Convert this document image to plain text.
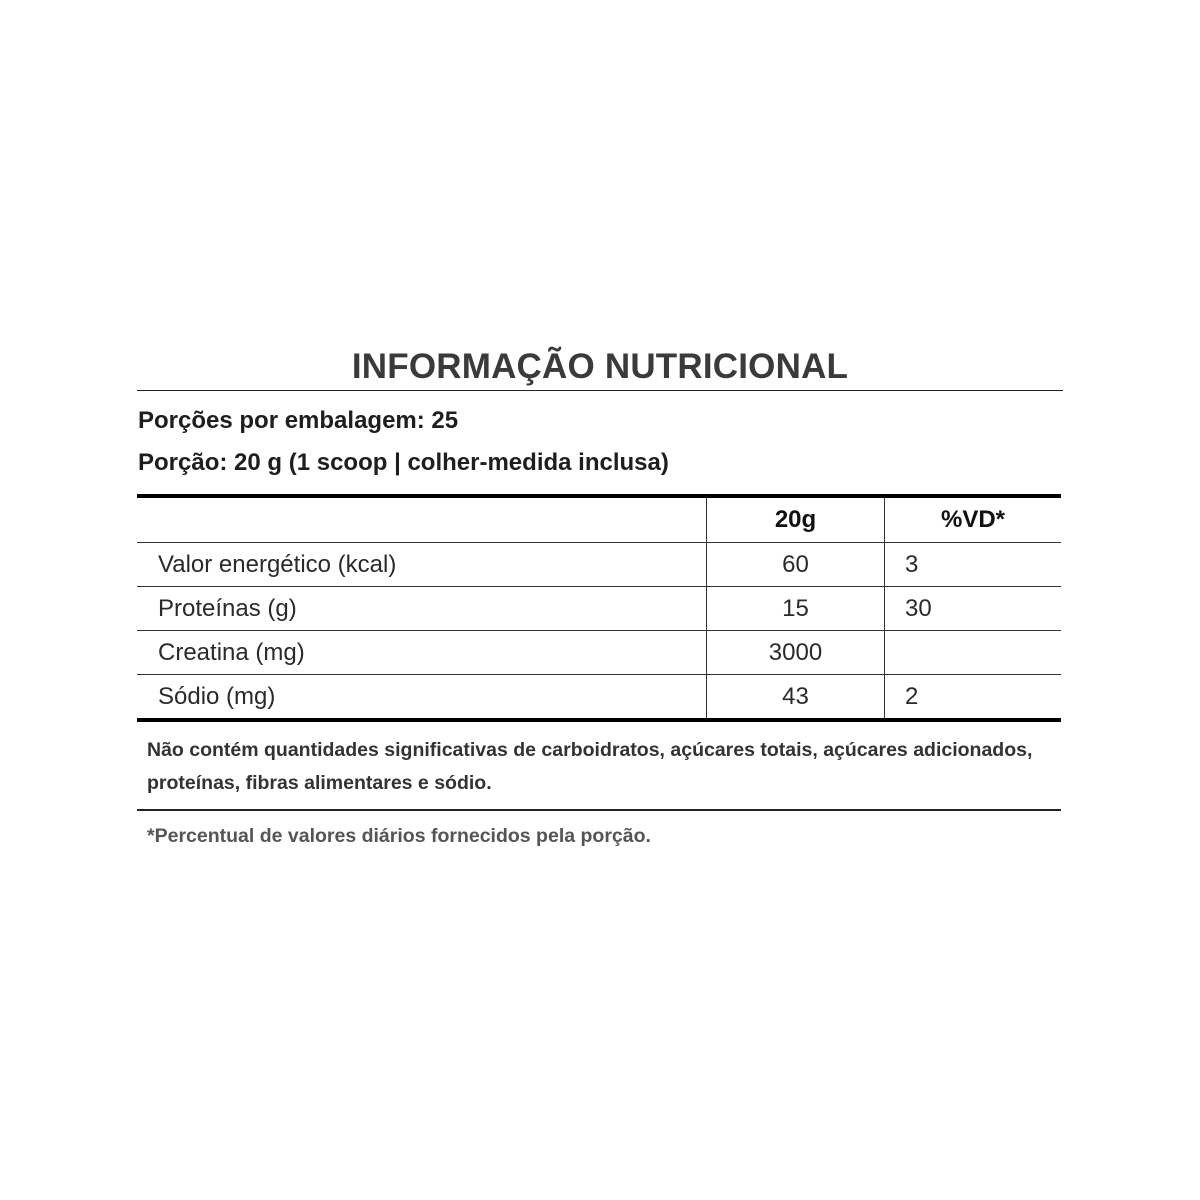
INFORMAÇÃO NUTRICIONAL
Porções por embalagem: 25
Porção: 20 g (1 scoop | colher-medida inclusa)
	20g	%VD*
Valor energético (kcal)	60	3
Proteínas (g)	15	30
Creatina (mg)	3000	
Sódio (mg)	43	2
Não contém quantidades significativas de carboidratos, açúcares totais, açúcares adicionados, proteínas, fibras alimentares e sódio.
*Percentual de valores diários fornecidos pela porção.
